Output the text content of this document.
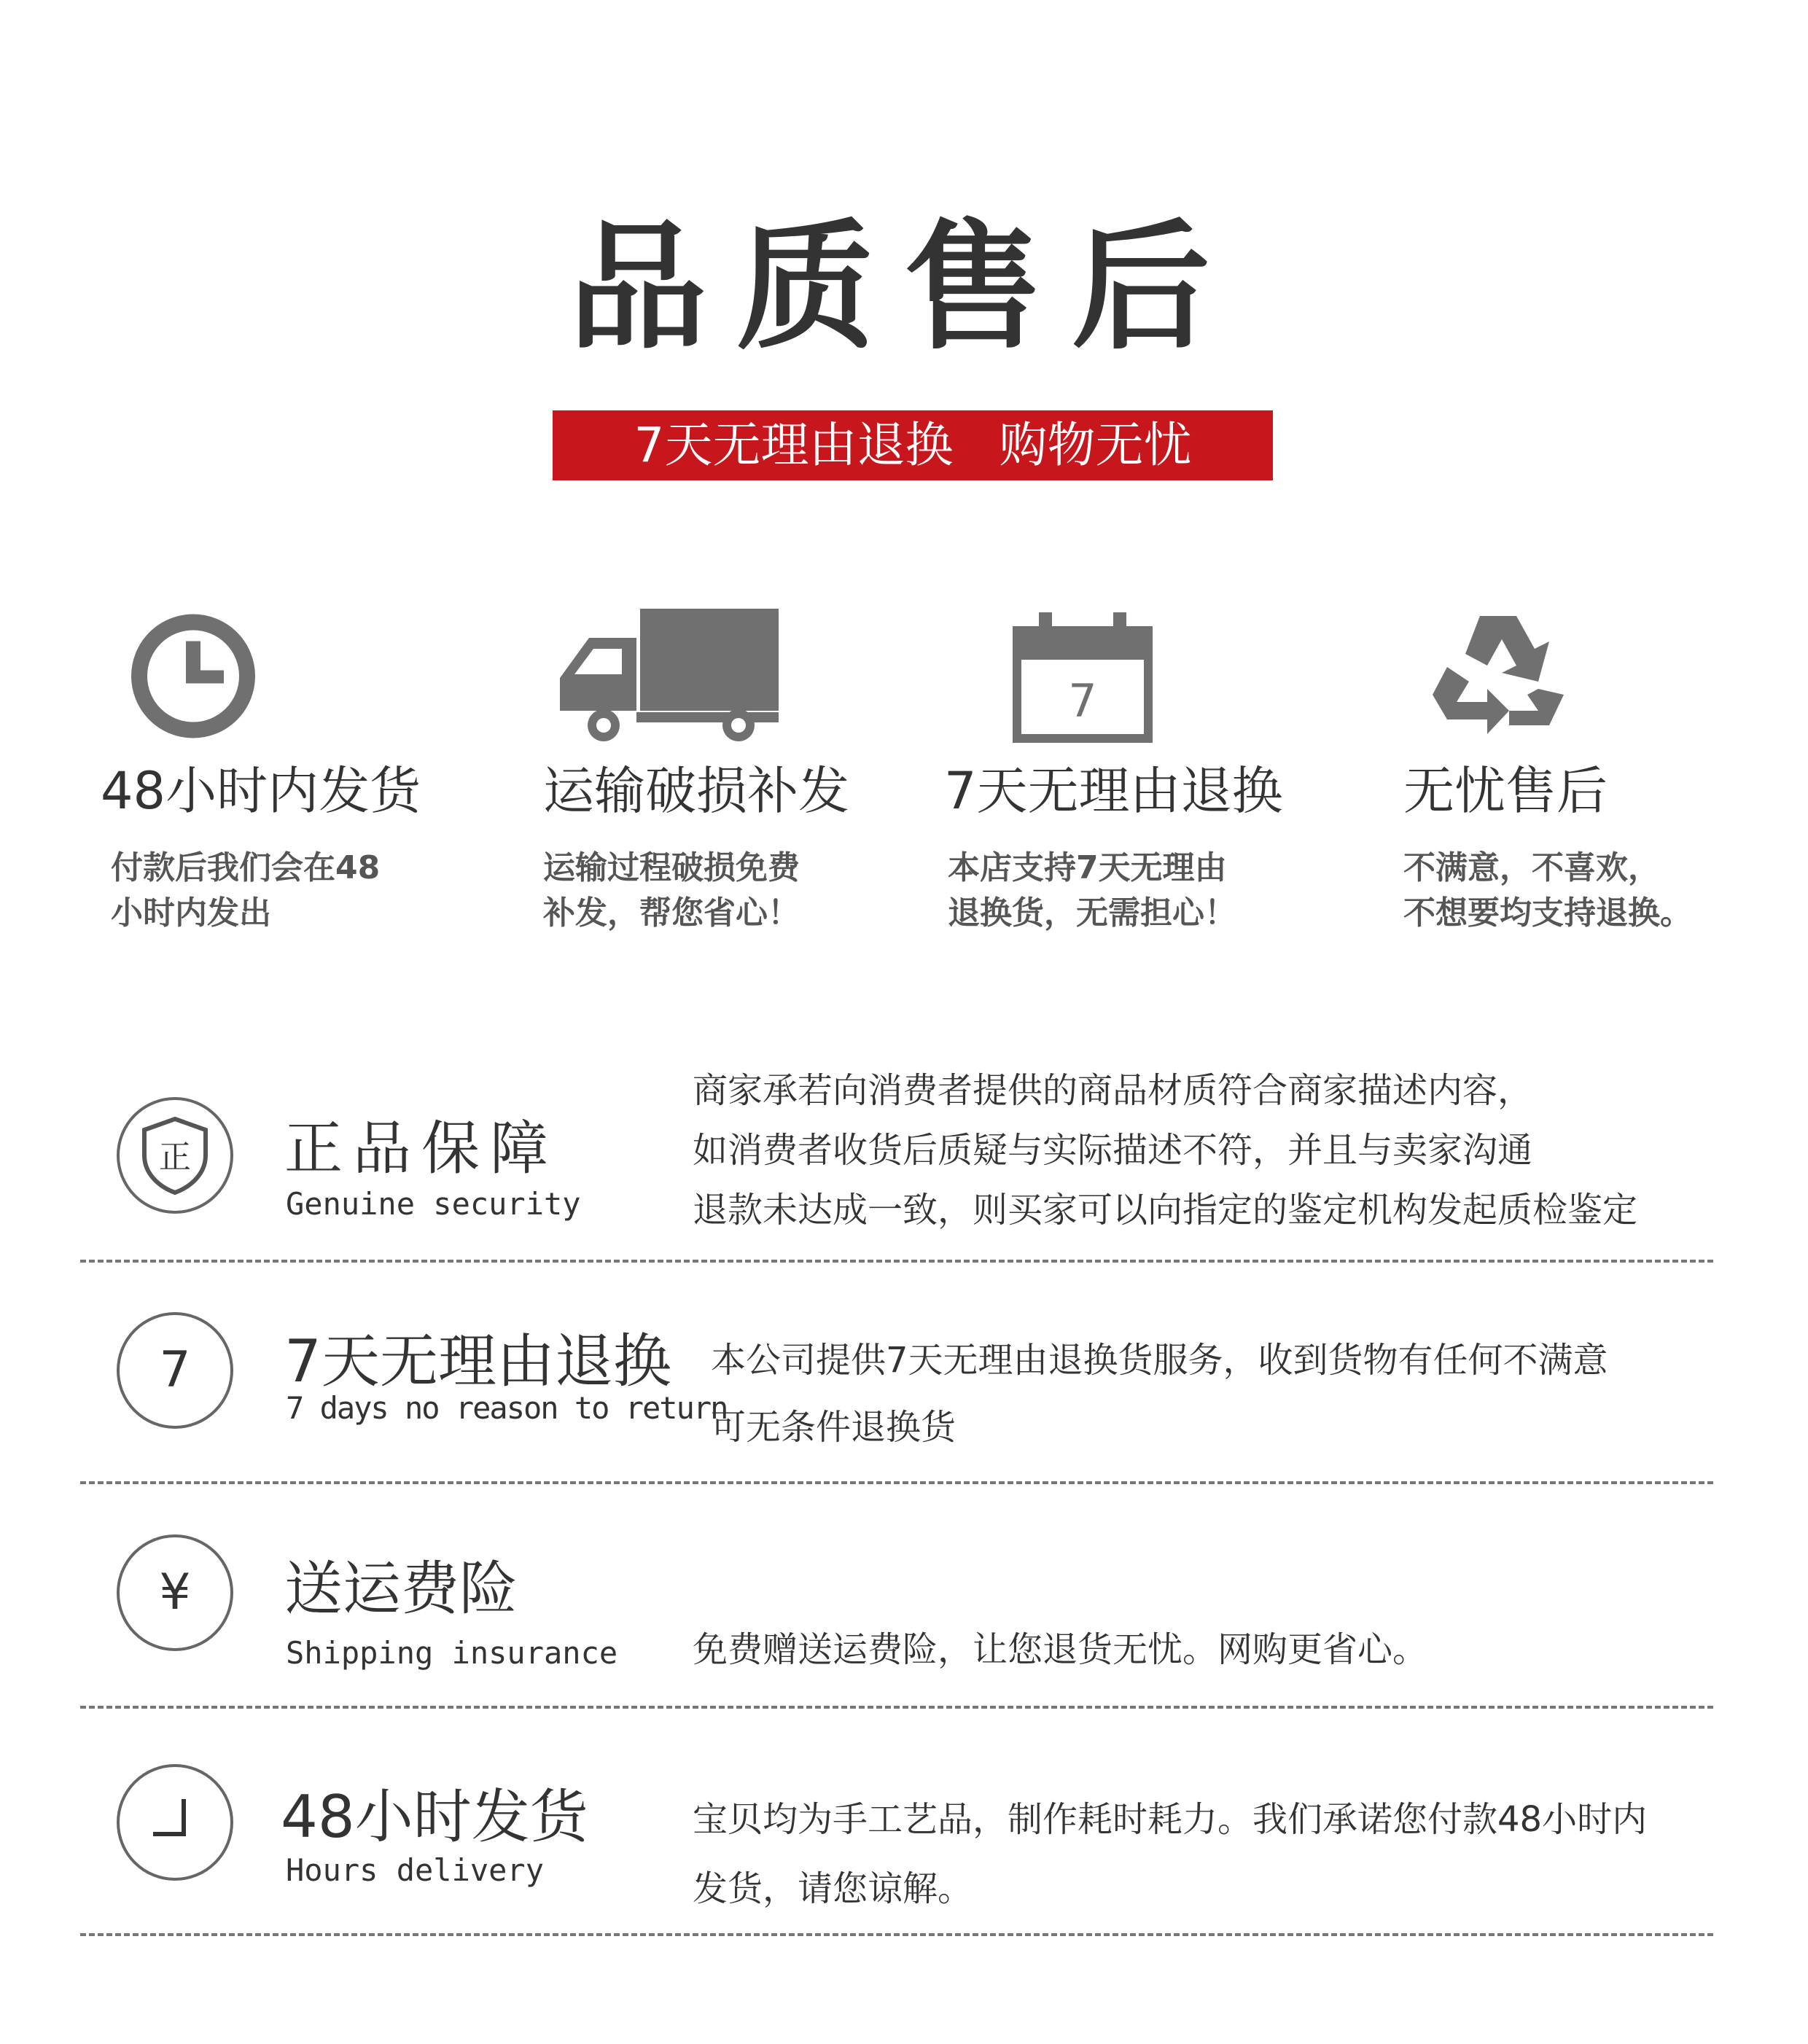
品质售后
7天无理由退换   购物无忧
7
48小时内发货
付款后我们会在48
小时内发出
运输破损补发
运输过程破损免费
补发，帮您省心！
7天无理由退换
本店支持7天无理由
退换货，无需担心！
无忧售后
不满意，不喜欢，
不想要均支持退换。
正 正品保障
Genuine security
商家承若向消费者提供的商品材质符合商家描述内容，
如消费者收货后质疑与实际描述不符，并且与卖家沟通
退款未达成一致，则买家可以向指定的鉴定机构发起质检鉴定
7 7天无理由退换
7 days no reason to return
本公司提供7天无理由退换货服务，收到货物有任何不满意
可无条件退换货
¥ 送运费险
Shipping insurance 免费赠送运费险，让您退货无忧。网购更省心。
48小时发货
Hours delivery
宝贝均为手工艺品，制作耗时耗力。我们承诺您付款48小时内
发货，请您谅解。
